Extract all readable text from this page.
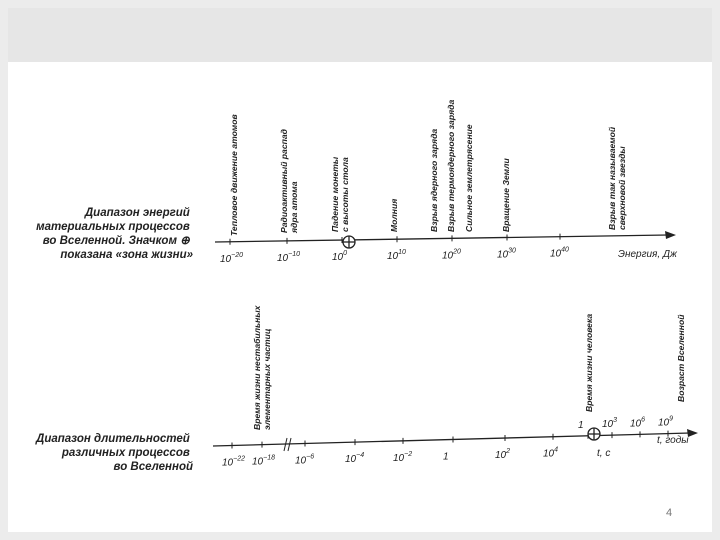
Диапазон энергий материальных процессов во Вселенной. Значком ⊕ показана «зона жизни»	Энергия, Дж
$10^{-20}$	$10^{-10}$	$10^0$	$10^{10}$	$10^{20}$	$10^{30}$	$10^{40}$
Тепловое движение атомов	Радиоактивный распадядра атома	Падение монетыс высоты стола	Молния	Взрыв ядерного заряда Взрыв термоядерного заряда Сильное землетрясение	Вращение Земли	Взрыв так называемойсверхновой звезды
Диапазон длительностей различных процессов во Вселенной
t, c
t, годы
$10^{-22}$ $10^{-18}$ $10^{-6}$	$10^{-4}$	$10^{-2}$	1	$10^2$	$10^4$
1 $10^3$ $10^6$ $10^9$
Время жизни нестабильныхэлементарных частиц	Время жизни человека	Возраст Вселенной
4
